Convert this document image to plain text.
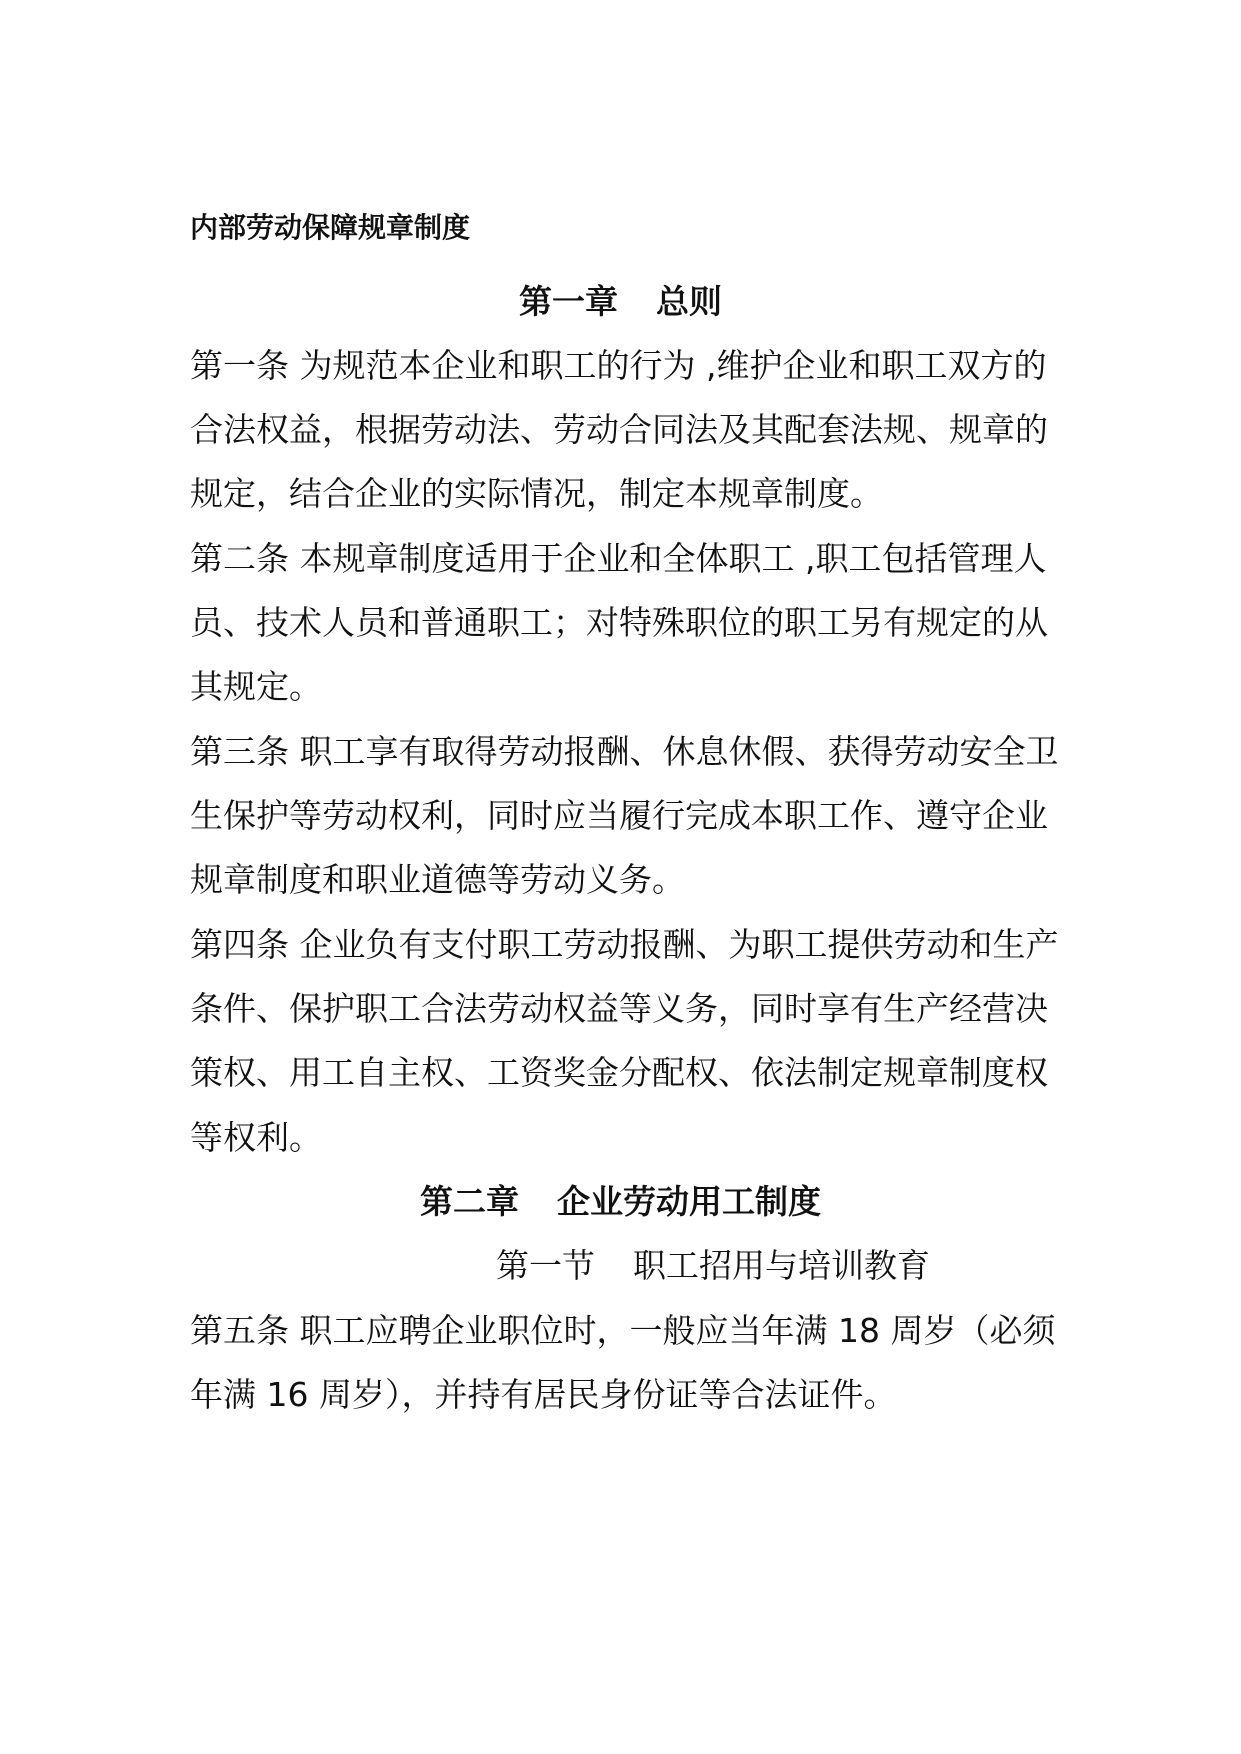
内部劳动保障规章制度
第一章 总则
第一条 为规范本企业和职工的行为 ,维护企业和职工双方的
合法权益，根据劳动法、劳动合同法及其配套法规、规章的
规定，结合企业的实际情况，制定本规章制度。
第二条 本规章制度适用于企业和全体职工 ,职工包括管理人
员、技术人员和普通职工；对特殊职位的职工另有规定的从
其规定。
第三条 职工享有取得劳动报酬、休息休假、获得劳动安全卫
生保护等劳动权利，同时应当履行完成本职工作、遵守企业
规章制度和职业道德等劳动义务。
第四条 企业负有支付职工劳动报酬、为职工提供劳动和生产
条件、保护职工合法劳动权益等义务，同时享有生产经营决
策权、用工自主权、工资奖金分配权、依法制定规章制度权
等权利。
第二章 企业劳动用工制度
第一节 职工招用与培训教育
第五条 职工应聘企业职位时，一般应当年满 18 周岁（必须
年满 16 周岁），并持有居民身份证等合法证件。
